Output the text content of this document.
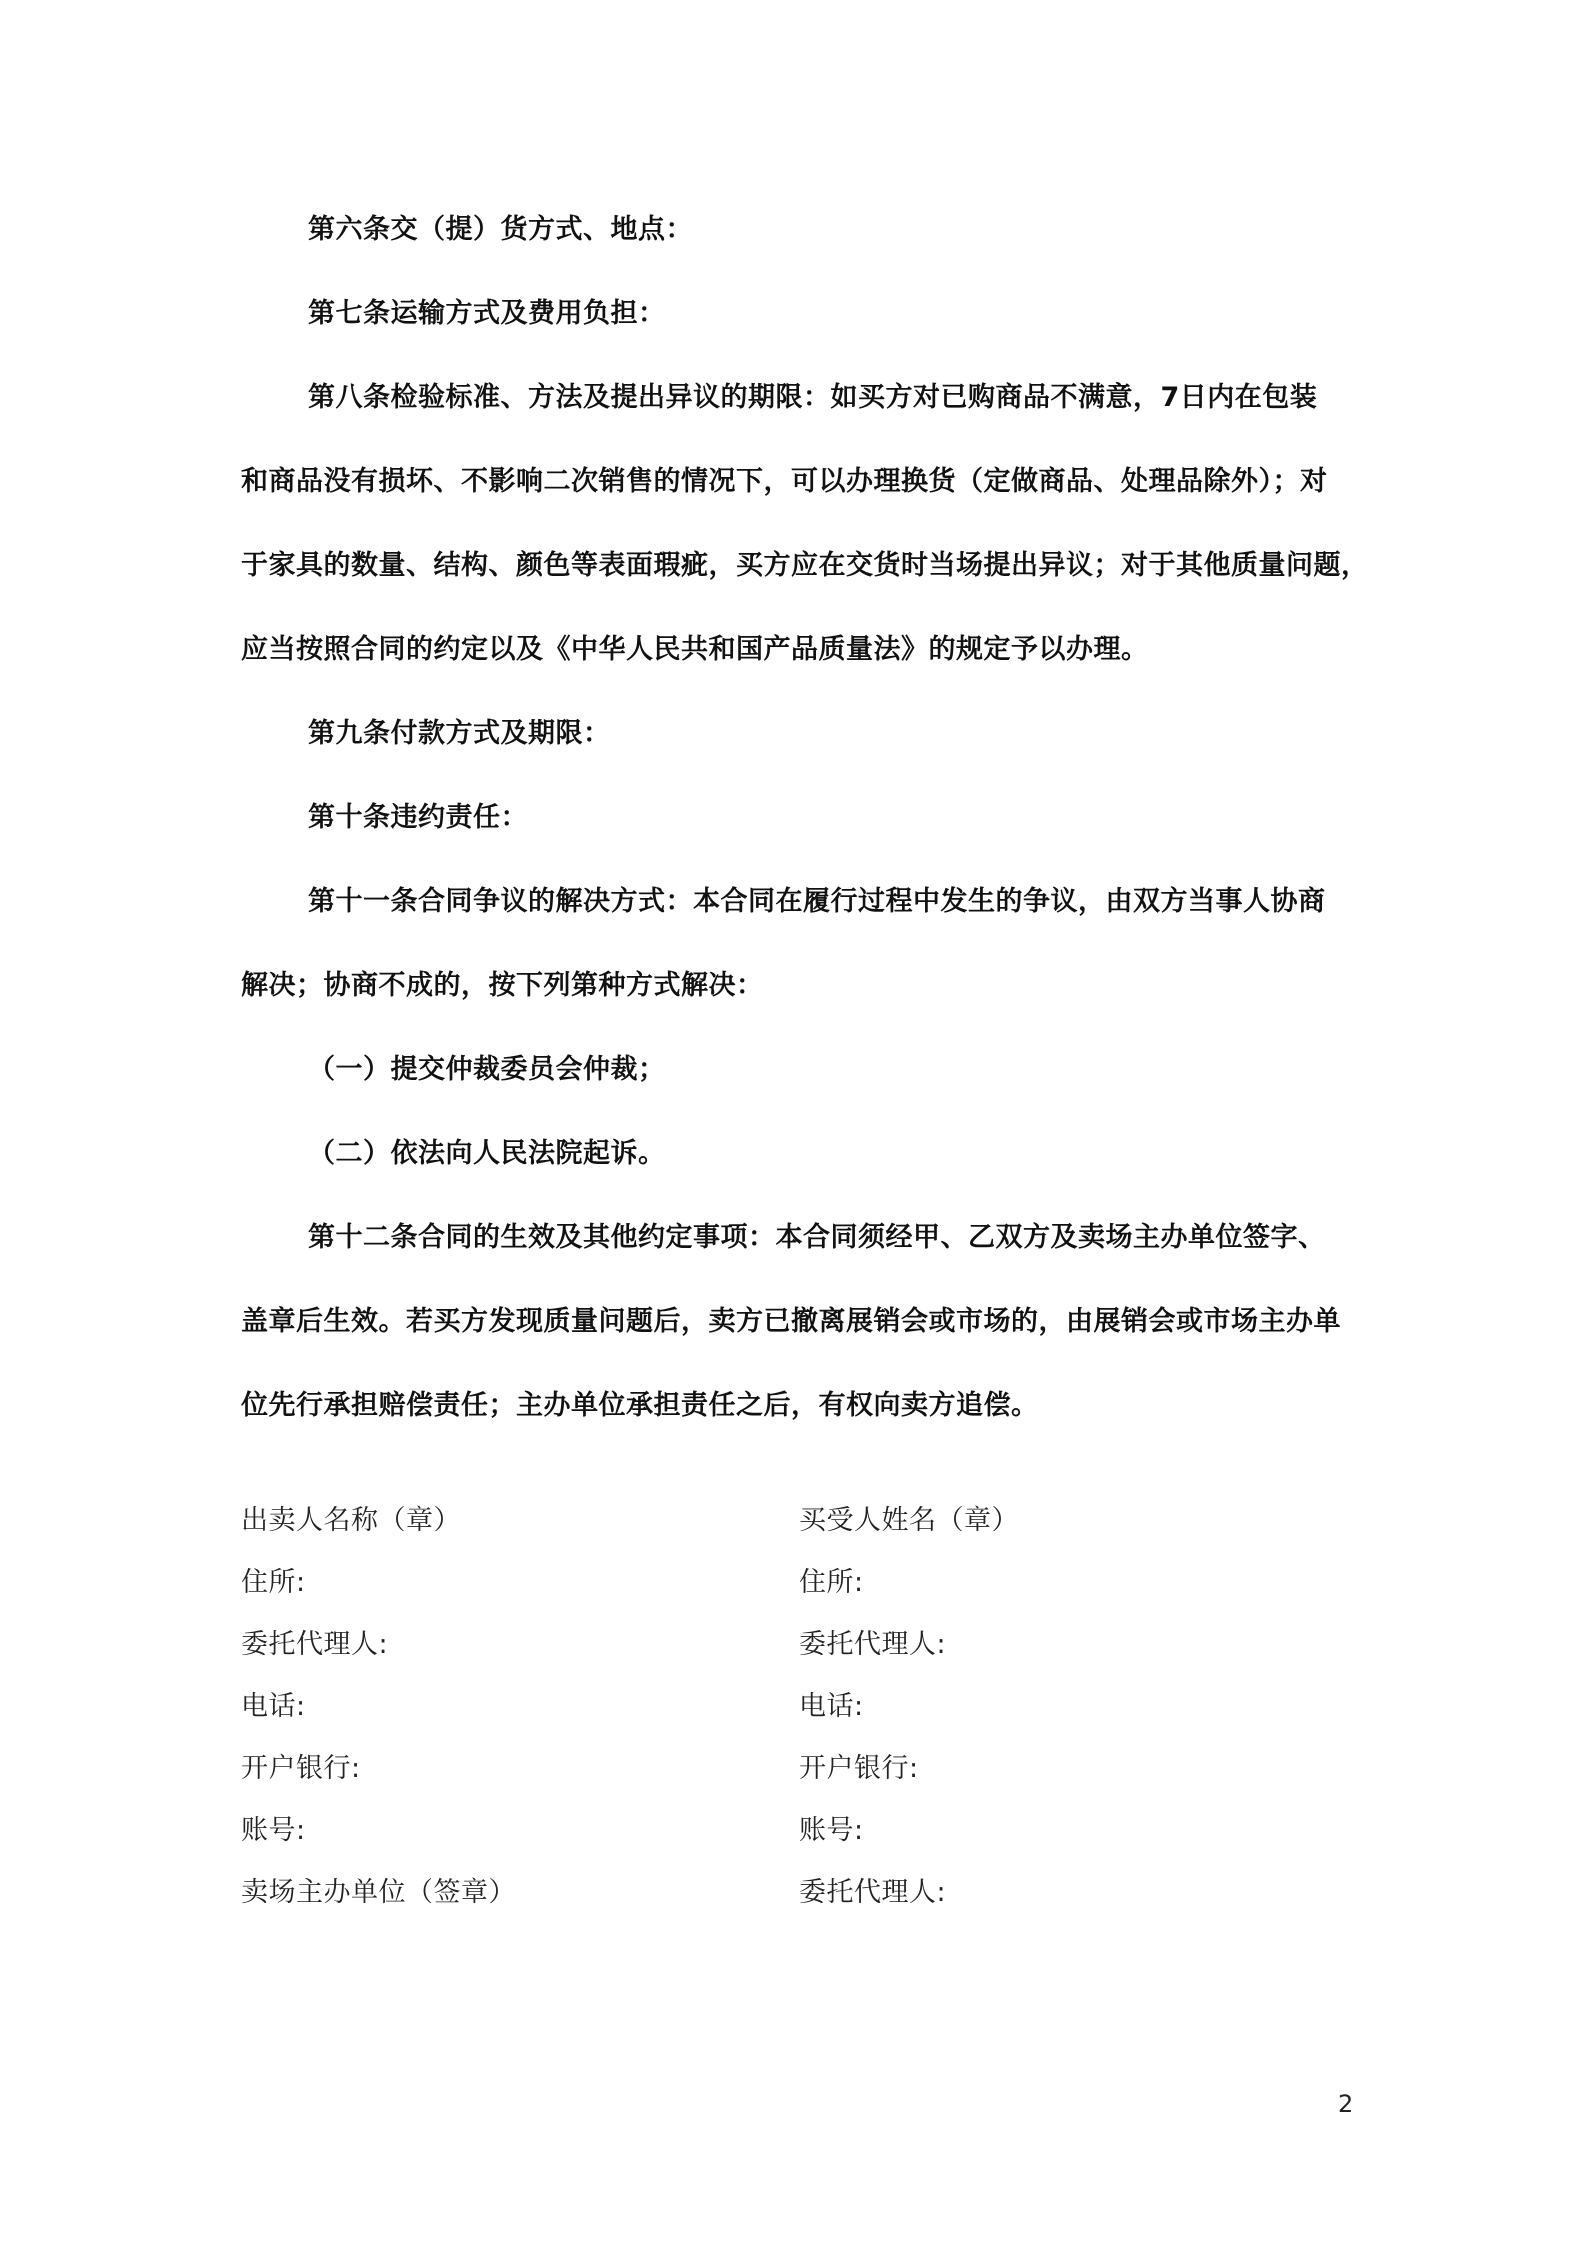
第六条交（提）货方式、地点：
第七条运输方式及费用负担：
第八条检验标准、方法及提出异议的期限：如买方对已购商品不满意，7日内在包装
和商品没有损坏、不影响二次销售的情况下，可以办理换货（定做商品、处理品除外）；对
于家具的数量、结构、颜色等表面瑕疵，买方应在交货时当场提出异议；对于其他质量问题，
应当按照合同的约定以及《中华人民共和国产品质量法》的规定予以办理。
第九条付款方式及期限：
第十条违约责任：
第十一条合同争议的解决方式：本合同在履行过程中发生的争议，由双方当事人协商
解决；协商不成的，按下列第种方式解决：
（一）提交仲裁委员会仲裁；
（二）依法向人民法院起诉。
第十二条合同的生效及其他约定事项：本合同须经甲、乙双方及卖场主办单位签字、
盖章后生效。若买方发现质量问题后，卖方已撤离展销会或市场的，由展销会或市场主办单
位先行承担赔偿责任；主办单位承担责任之后，有权向卖方追偿。
出卖人名称（章）
住所:
委托代理人:
电话:
开户银行:
账号:
卖场主办单位（签章）
买受人姓名（章）
住所:
委托代理人:
电话:
开户银行:
账号:
委托代理人:
2
